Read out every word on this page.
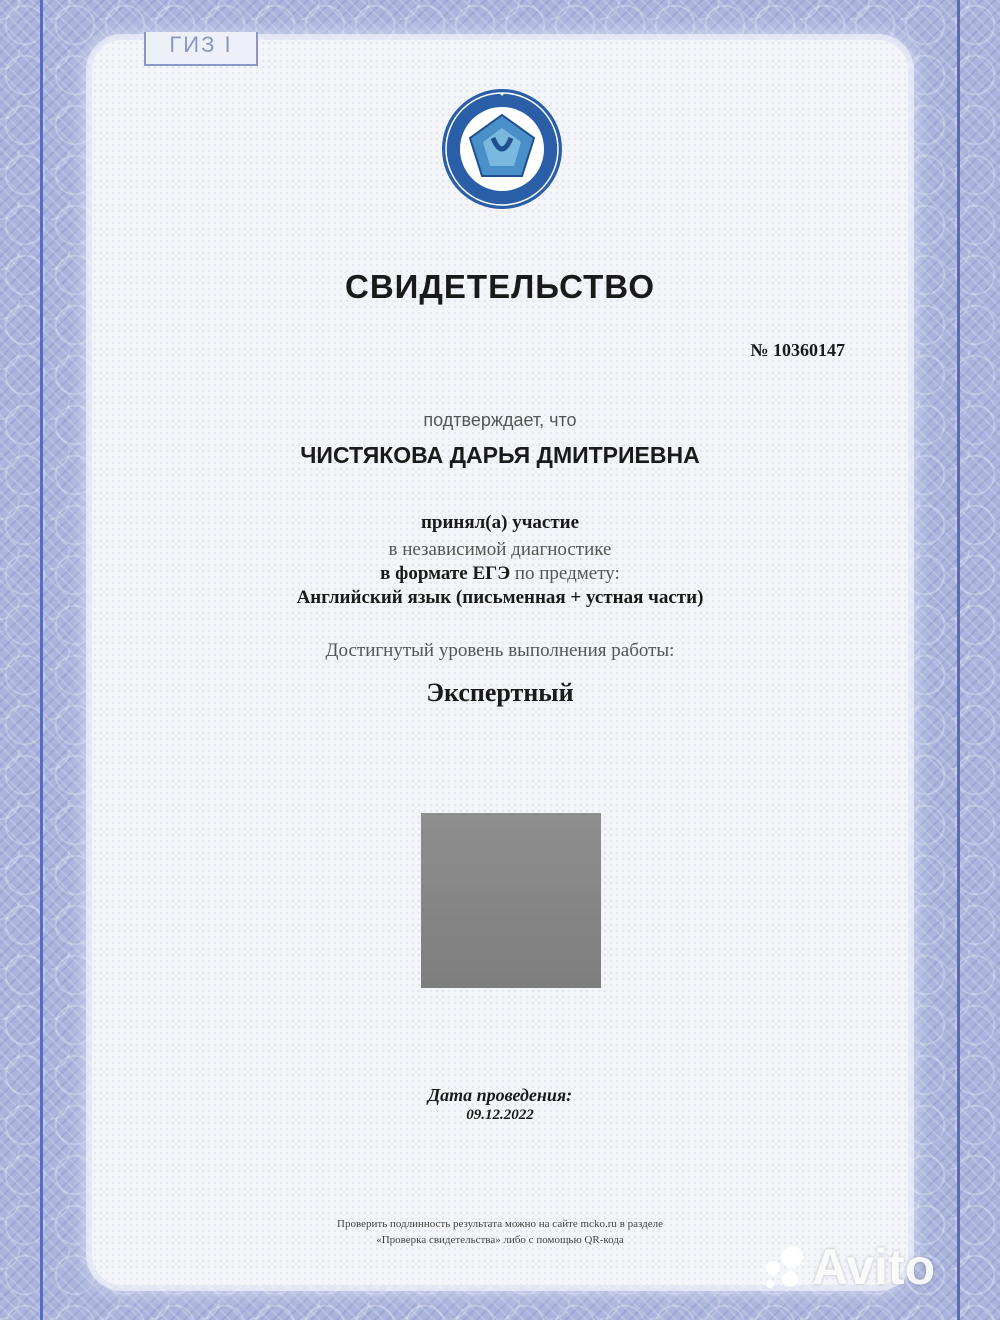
ГИЗ I
СВИДЕТЕЛЬСТВО
№ 10360147
подтверждает, что
ЧИСТЯКОВА ДАРЬЯ ДМИТРИЕВНА
принял(а) участие
в независимой диагностике
в формате ЕГЭ по предмету:
Английский язык (письменная + устная части)
Достигнутый уровень выполнения работы:
Экспертный
Дата проведения:
09.12.2022
Проверить подлинность результата можно на сайте mcko.ru в разделе
«Проверка свидетельства» либо с помощью QR-кода	Avito
